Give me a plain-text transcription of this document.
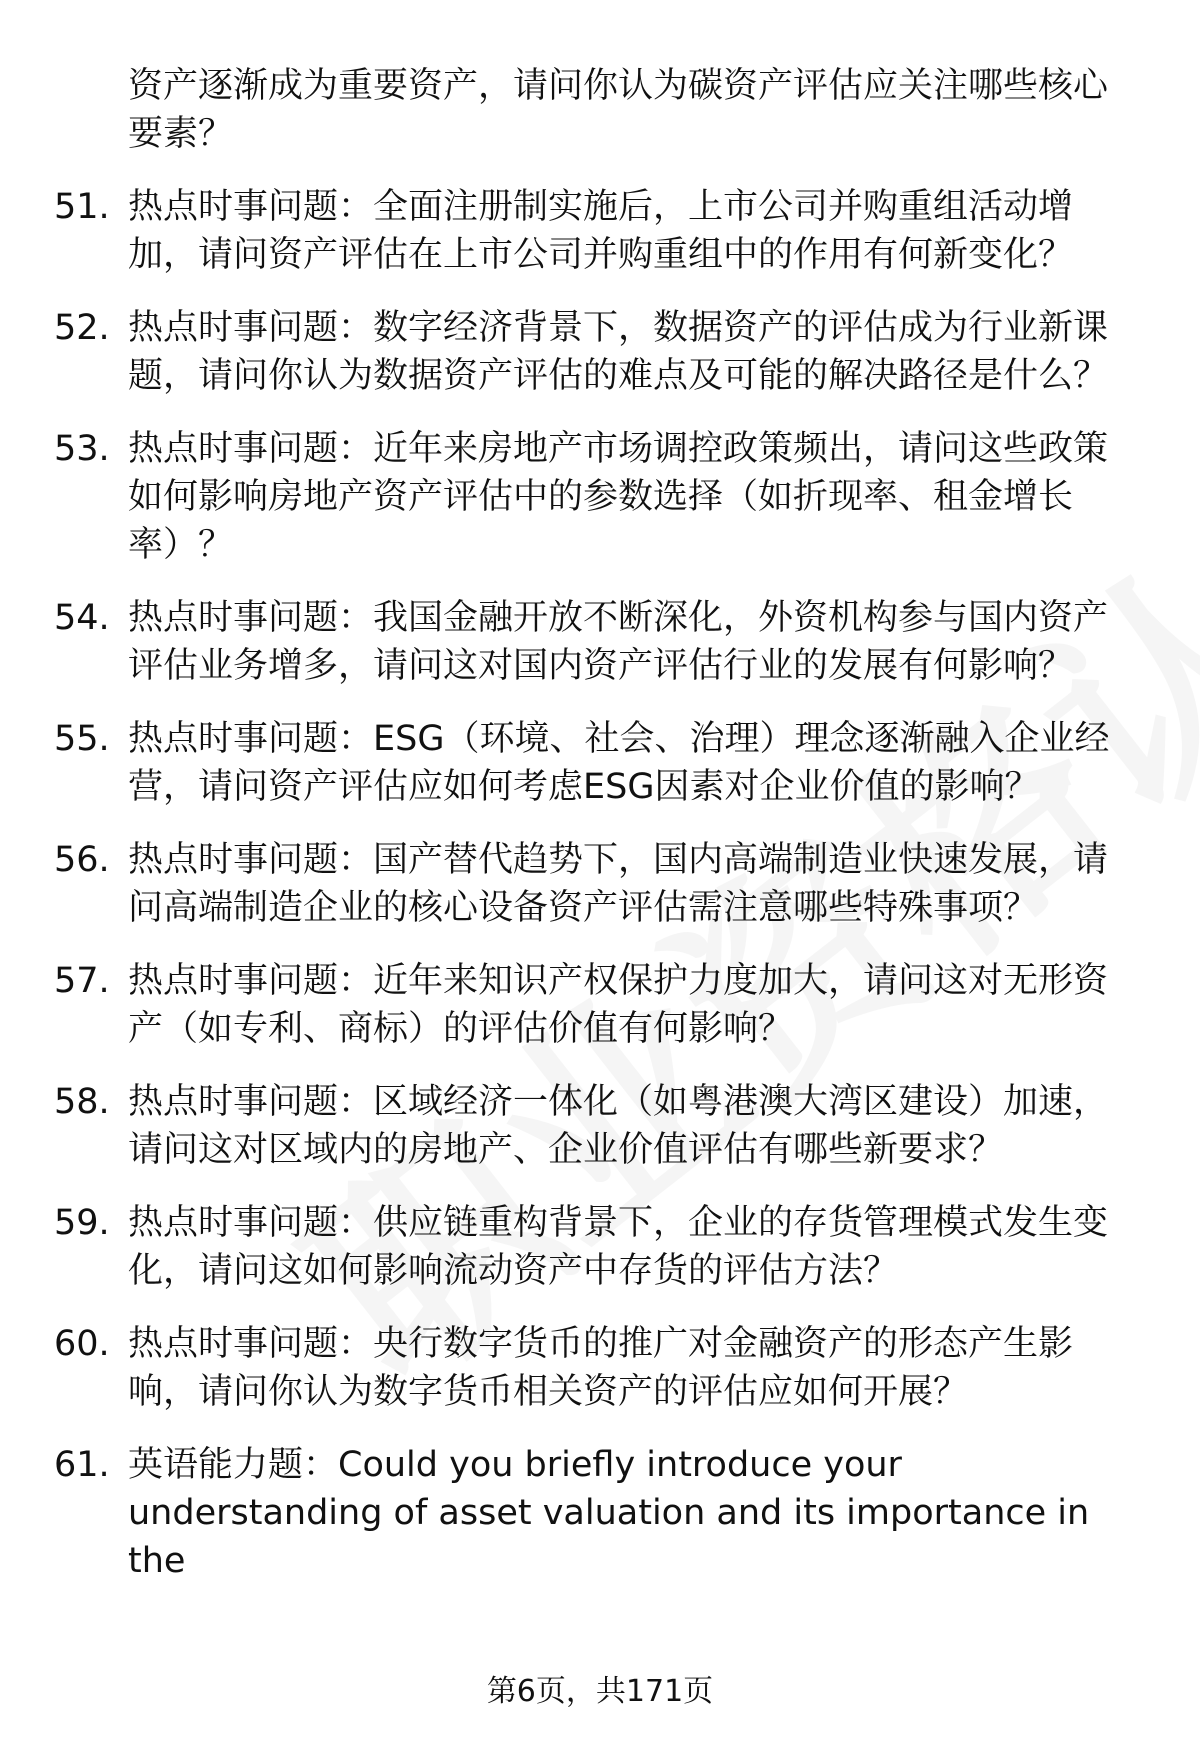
资产逐渐成为重要资产，请问你认为碳资产评估应关注哪些核心要素？
51. 热点时事问题：全面注册制实施后，上市公司并购重组活动增加，请问资产评估在上市公司并购重组中的作用有何新变化？
52. 热点时事问题：数字经济背景下，数据资产的评估成为行业新课题，请问你认为数据资产评估的难点及可能的解决路径是什么？
53. 热点时事问题：近年来房地产市场调控政策频出，请问这些政策如何影响房地产资产评估中的参数选择（如折现率、租金增长率）？
54. 热点时事问题：我国金融开放不断深化，外资机构参与国内资产评估业务增多，请问这对国内资产评估行业的发展有何影响？
55. 热点时事问题：ESG（环境、社会、治理）理念逐渐融入企业经营，请问资产评估应如何考虑ESG因素对企业价值的影响？
56. 热点时事问题：国产替代趋势下，国内高端制造业快速发展，请问高端制造企业的核心设备资产评估需注意哪些特殊事项？
57. 热点时事问题：近年来知识产权保护力度加大，请问这对无形资产（如专利、商标）的评估价值有何影响？
58. 热点时事问题：区域经济一体化（如粤港澳大湾区建设）加速，请问这对区域内的房地产、企业价值评估有哪些新要求？
59. 热点时事问题：供应链重构背景下，企业的存货管理模式发生变化，请问这如何影响流动资产中存货的评估方法？
60. 热点时事问题：央行数字货币的推广对金融资产的形态产生影响，请问你认为数字货币相关资产的评估应如何开展？
61. 英语能力题：Could you briefly introduce your understanding of asset valuation and its importance in the
第6页，共171页
